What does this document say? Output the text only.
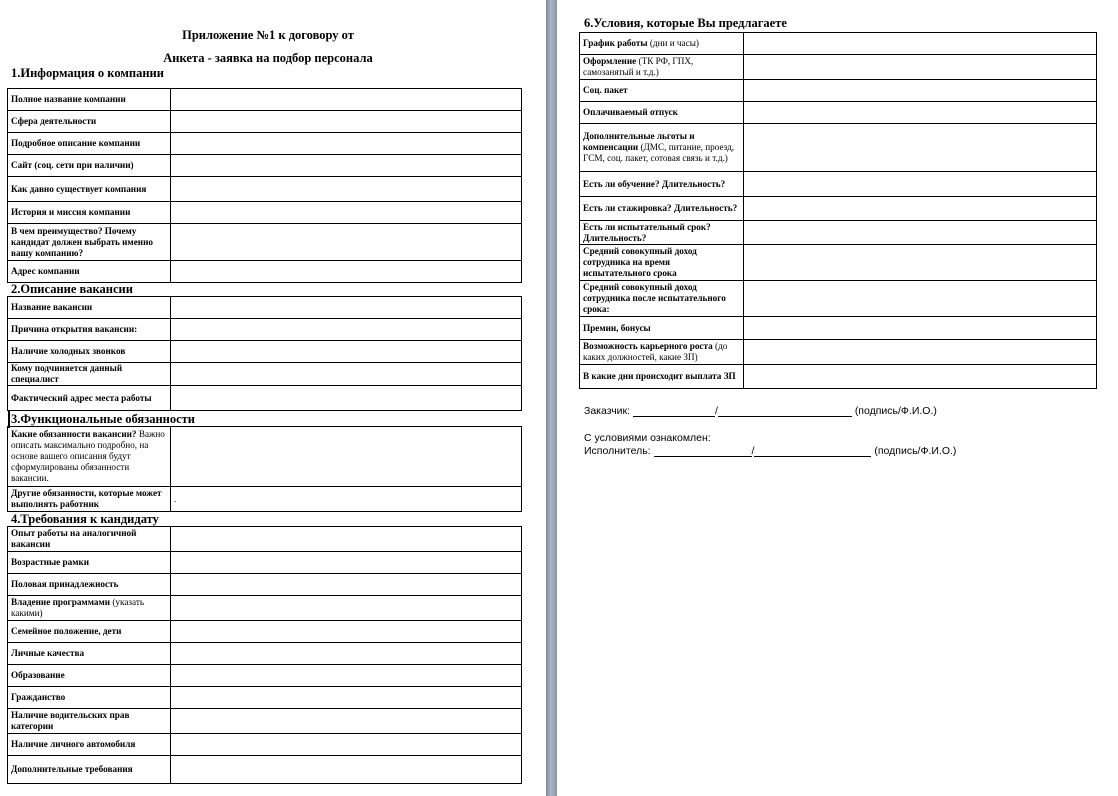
Приложение №1 к договору от
Анкета - заявка на подбор персонала
1.Информация о компании
Полное название компании	
Сфера деятельности	
Подробное описание компании	
Сайт (соц. сети при наличии)	
Как давно существует компания	
История и миссия компании	
В чем преимущество? Почему кандидат должен выбрать именно вашу компанию?	
Адрес компании	
2.Описание вакансии
Название вакансии	
Причина открытия вакансии:	
Наличие холодных звонков	
Кому подчиняется данный специалист	
Фактический адрес места работы	
3.Функциональные обязанности
Какие обязанности вакансии? Важно описать максимально подробно, на основе вашего описания будут сформулированы обязанности вакансии.	
Другие обязанности, которые может выполнять работник	.
4.Требования к кандидату
Опыт работы на аналогичной вакансии	
Возрастные рамки	
Половая принадлежность	
Владение программами (указать какими)	
Семейное положение, дети	
Личные качества	
Образование	
Гражданство	
Наличие водительских прав категории	
Наличие личного автомобиля	
Дополнительные требования	
6.Условия, которые Вы предлагаете
График работы (дни и часы)	
Оформление (ТК РФ, ГПХ, самозанятый и т.д.)	
Соц. пакет	
Оплачиваемый отпуск	
Дополнительные льготы и компенсации (ДМС, питание, проезд, ГСМ, соц. пакет, сотовая связь и т.д.)	
Есть ли обучение? Длительность?	
Есть ли стажировка? Длительность?	
Есть ли испытательный срок? Длительность?	
Средний совокупный доход сотрудника на время испытательного срока	
Средний совокупный доход сотрудника после испытательного срока:	
Премии, бонусы	
Возможность карьерного роста (до каких должностей, какие ЗП)	
В какие дни происходит выплата ЗП	
Заказчик:	/	(подпись/Ф.И.О.)
С условиями ознакомлен:
Исполнитель:	/	(подпись/Ф.И.О.)
